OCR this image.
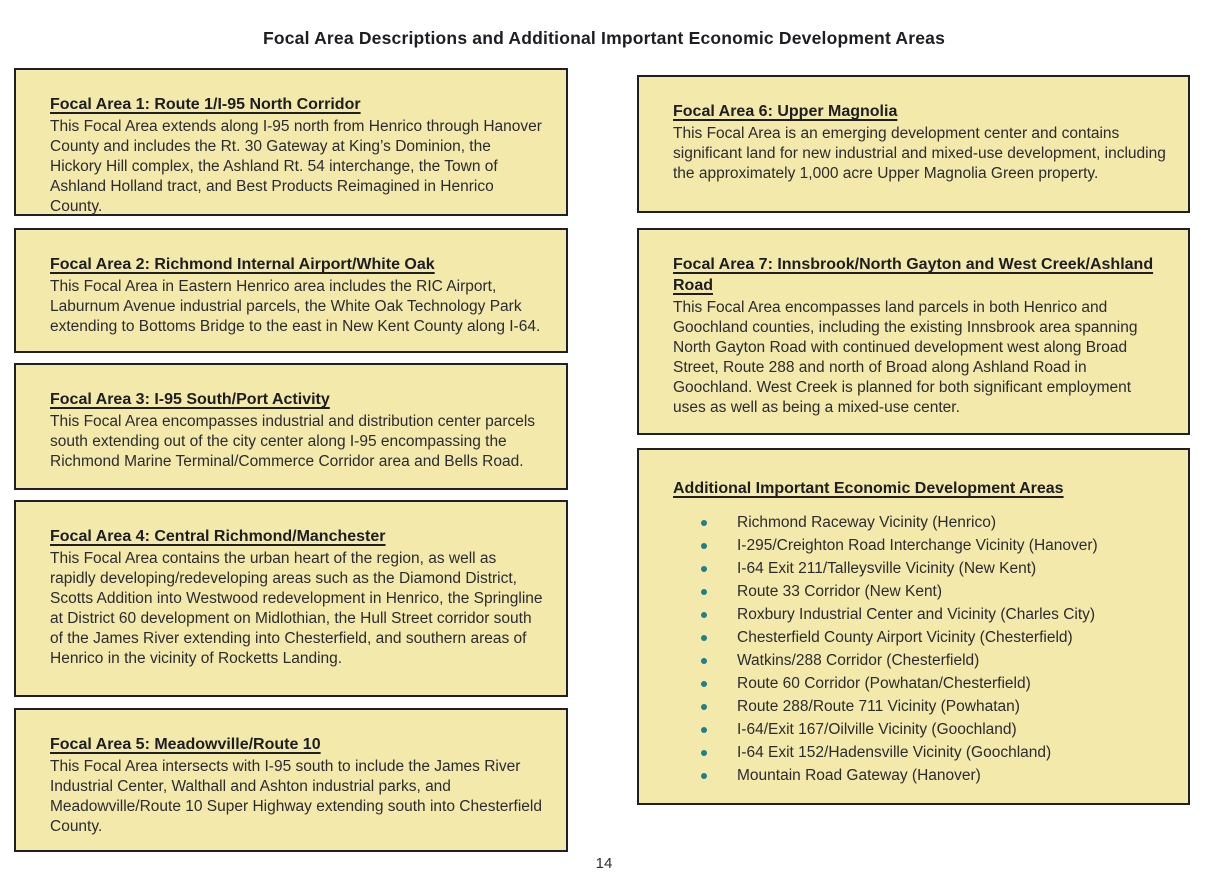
Focal Area Descriptions and Additional Important Economic Development Areas
Focal Area 1: Route 1/I-95 North Corridor

This Focal Area extends along I-95 north from Henrico through Hanover County and includes the Rt. 30 Gateway at King’s Dominion, the Hickory Hill complex, the Ashland Rt. 54 interchange, the Town of Ashland Holland tract, and Best Products Reimagined in Henrico County.

Focal Area 2: Richmond Internal Airport/White Oak

This Focal Area in Eastern Henrico area includes the RIC Airport, Laburnum Avenue industrial parcels, the White Oak Technology Park extending to Bottoms Bridge to the east in New Kent County along I-64.

Focal Area 3: I-95 South/Port Activity

This Focal Area encompasses industrial and distribution center parcels south extending out of the city center along I-95 encompassing the Richmond Marine Terminal/Commerce Corridor area and Bells Road.

Focal Area 4: Central Richmond/Manchester

This Focal Area contains the urban heart of the region, as well as rapidly developing/redeveloping areas such as the Diamond District, Scotts Addition into Westwood redevelopment in Henrico, the Springline at District 60 development on Midlothian, the Hull Street corridor south of the James River extending into Chesterfield, and southern areas of Henrico in the vicinity of Rocketts Landing.

Focal Area 5: Meadowville/Route 10

This Focal Area intersects with I-95 south to include the James River Industrial Center, Walthall and Ashton industrial parks, and Meadowville/Route 10 Super Highway extending south into Chesterfield County.

Focal Area 6: Upper Magnolia

This Focal Area is an emerging development center and contains significant land for new industrial and mixed-use development, including the approximately 1,000 acre Upper Magnolia Green property.

Focal Area 7: Innsbrook/North Gayton and West Creek/Ashland Road

This Focal Area encompasses land parcels in both Henrico and Goochland counties, including the existing Innsbrook area spanning North Gayton Road with continued development west along Broad Street, Route 288 and north of Broad along Ashland Road in Goochland. West Creek is planned for both significant employment uses as well as being a mixed-use center.

Additional Important Economic Development Areas
Richmond Raceway Vicinity (Henrico)
I-295/Creighton Road Interchange Vicinity (Hanover)
I-64 Exit 211/Talleysville Vicinity (New Kent)
Route 33 Corridor (New Kent)
Roxbury Industrial Center and Vicinity (Charles City)
Chesterfield County Airport Vicinity (Chesterfield)
Watkins/288 Corridor (Chesterfield)
Route 60 Corridor (Powhatan/Chesterfield)
Route 288/Route 711 Vicinity (Powhatan)
I-64/Exit 167/Oilville Vicinity (Goochland)
I-64 Exit 152/Hadensville Vicinity (Goochland)
Mountain Road Gateway (Hanover)
14
